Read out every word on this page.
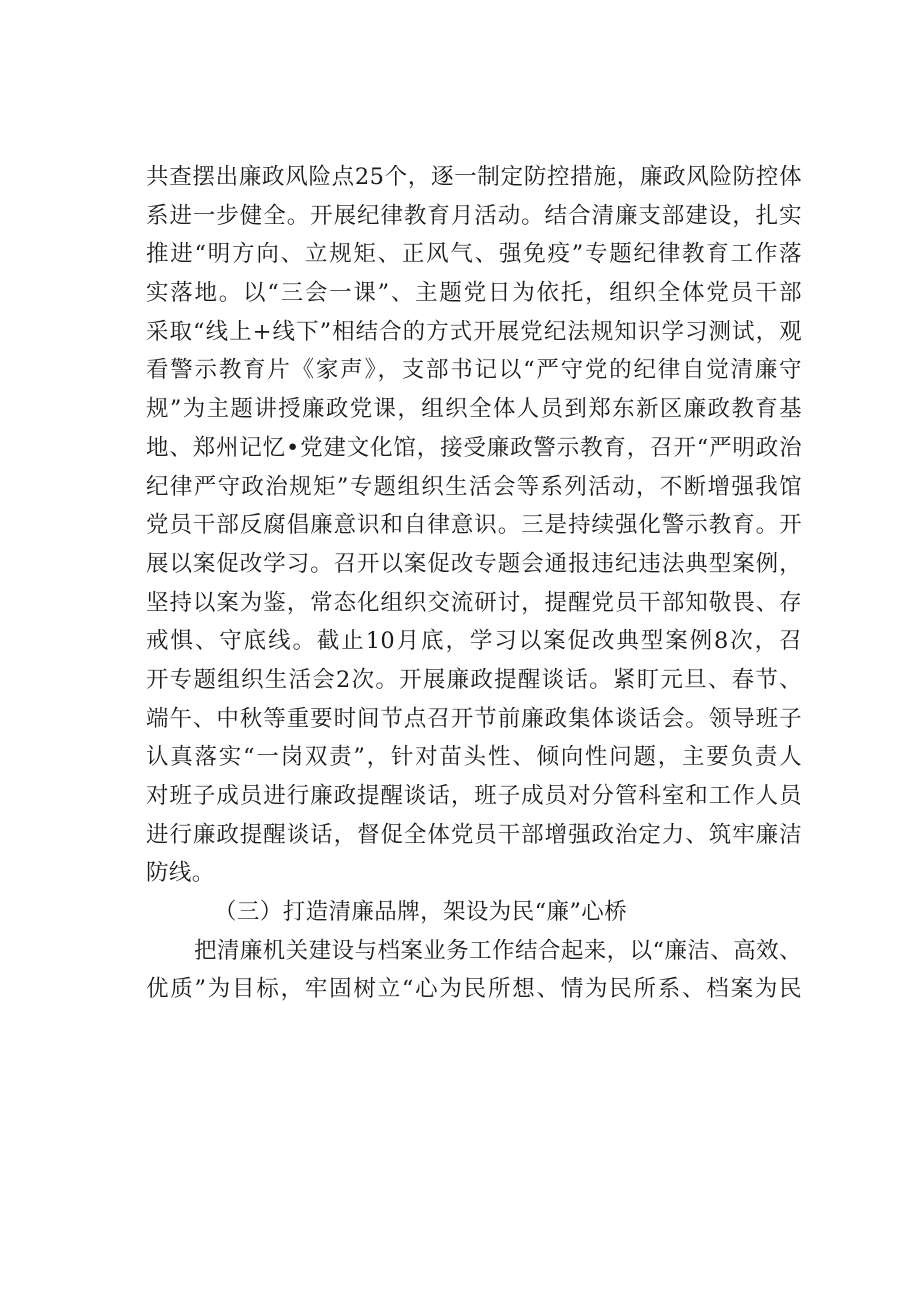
共查摆出廉政风险点25个，逐一制定防控措施，廉政风险防控体
系进一步健全。开展纪律教育月活动。结合清廉支部建设，扎实
推进“明方向、立规矩、正风气、强免疫”专题纪律教育工作落
实落地。以“三会一课”、主题党日为依托，组织全体党员干部
采取“线上+线下”相结合的方式开展党纪法规知识学习测试，观
看警示教育片《家声》，支部书记以“严守党的纪律自觉清廉守
规”为主题讲授廉政党课，组织全体人员到郑东新区廉政教育基
地、郑州记忆•党建文化馆，接受廉政警示教育，召开“严明政治
纪律严守政治规矩”专题组织生活会等系列活动，不断增强我馆
党员干部反腐倡廉意识和自律意识。三是持续强化警示教育。开
展以案促改学习。召开以案促改专题会通报违纪违法典型案例，
坚持以案为鉴，常态化组织交流研讨，提醒党员干部知敬畏、存
戒惧、守底线。截止10月底，学习以案促改典型案例8次，召
开专题组织生活会2次。开展廉政提醒谈话。紧盯元旦、春节、
端午、中秋等重要时间节点召开节前廉政集体谈话会。领导班子
认真落实“一岗双责”，针对苗头性、倾向性问题，主要负责人
对班子成员进行廉政提醒谈话，班子成员对分管科室和工作人员
进行廉政提醒谈话，督促全体党员干部增强政治定力、筑牢廉洁
防线。
（三）打造清廉品牌，架设为民“廉”心桥
把清廉机关建设与档案业务工作结合起来，以“廉洁、高效、
优质”为目标，牢固树立“心为民所想、情为民所系、档案为民
